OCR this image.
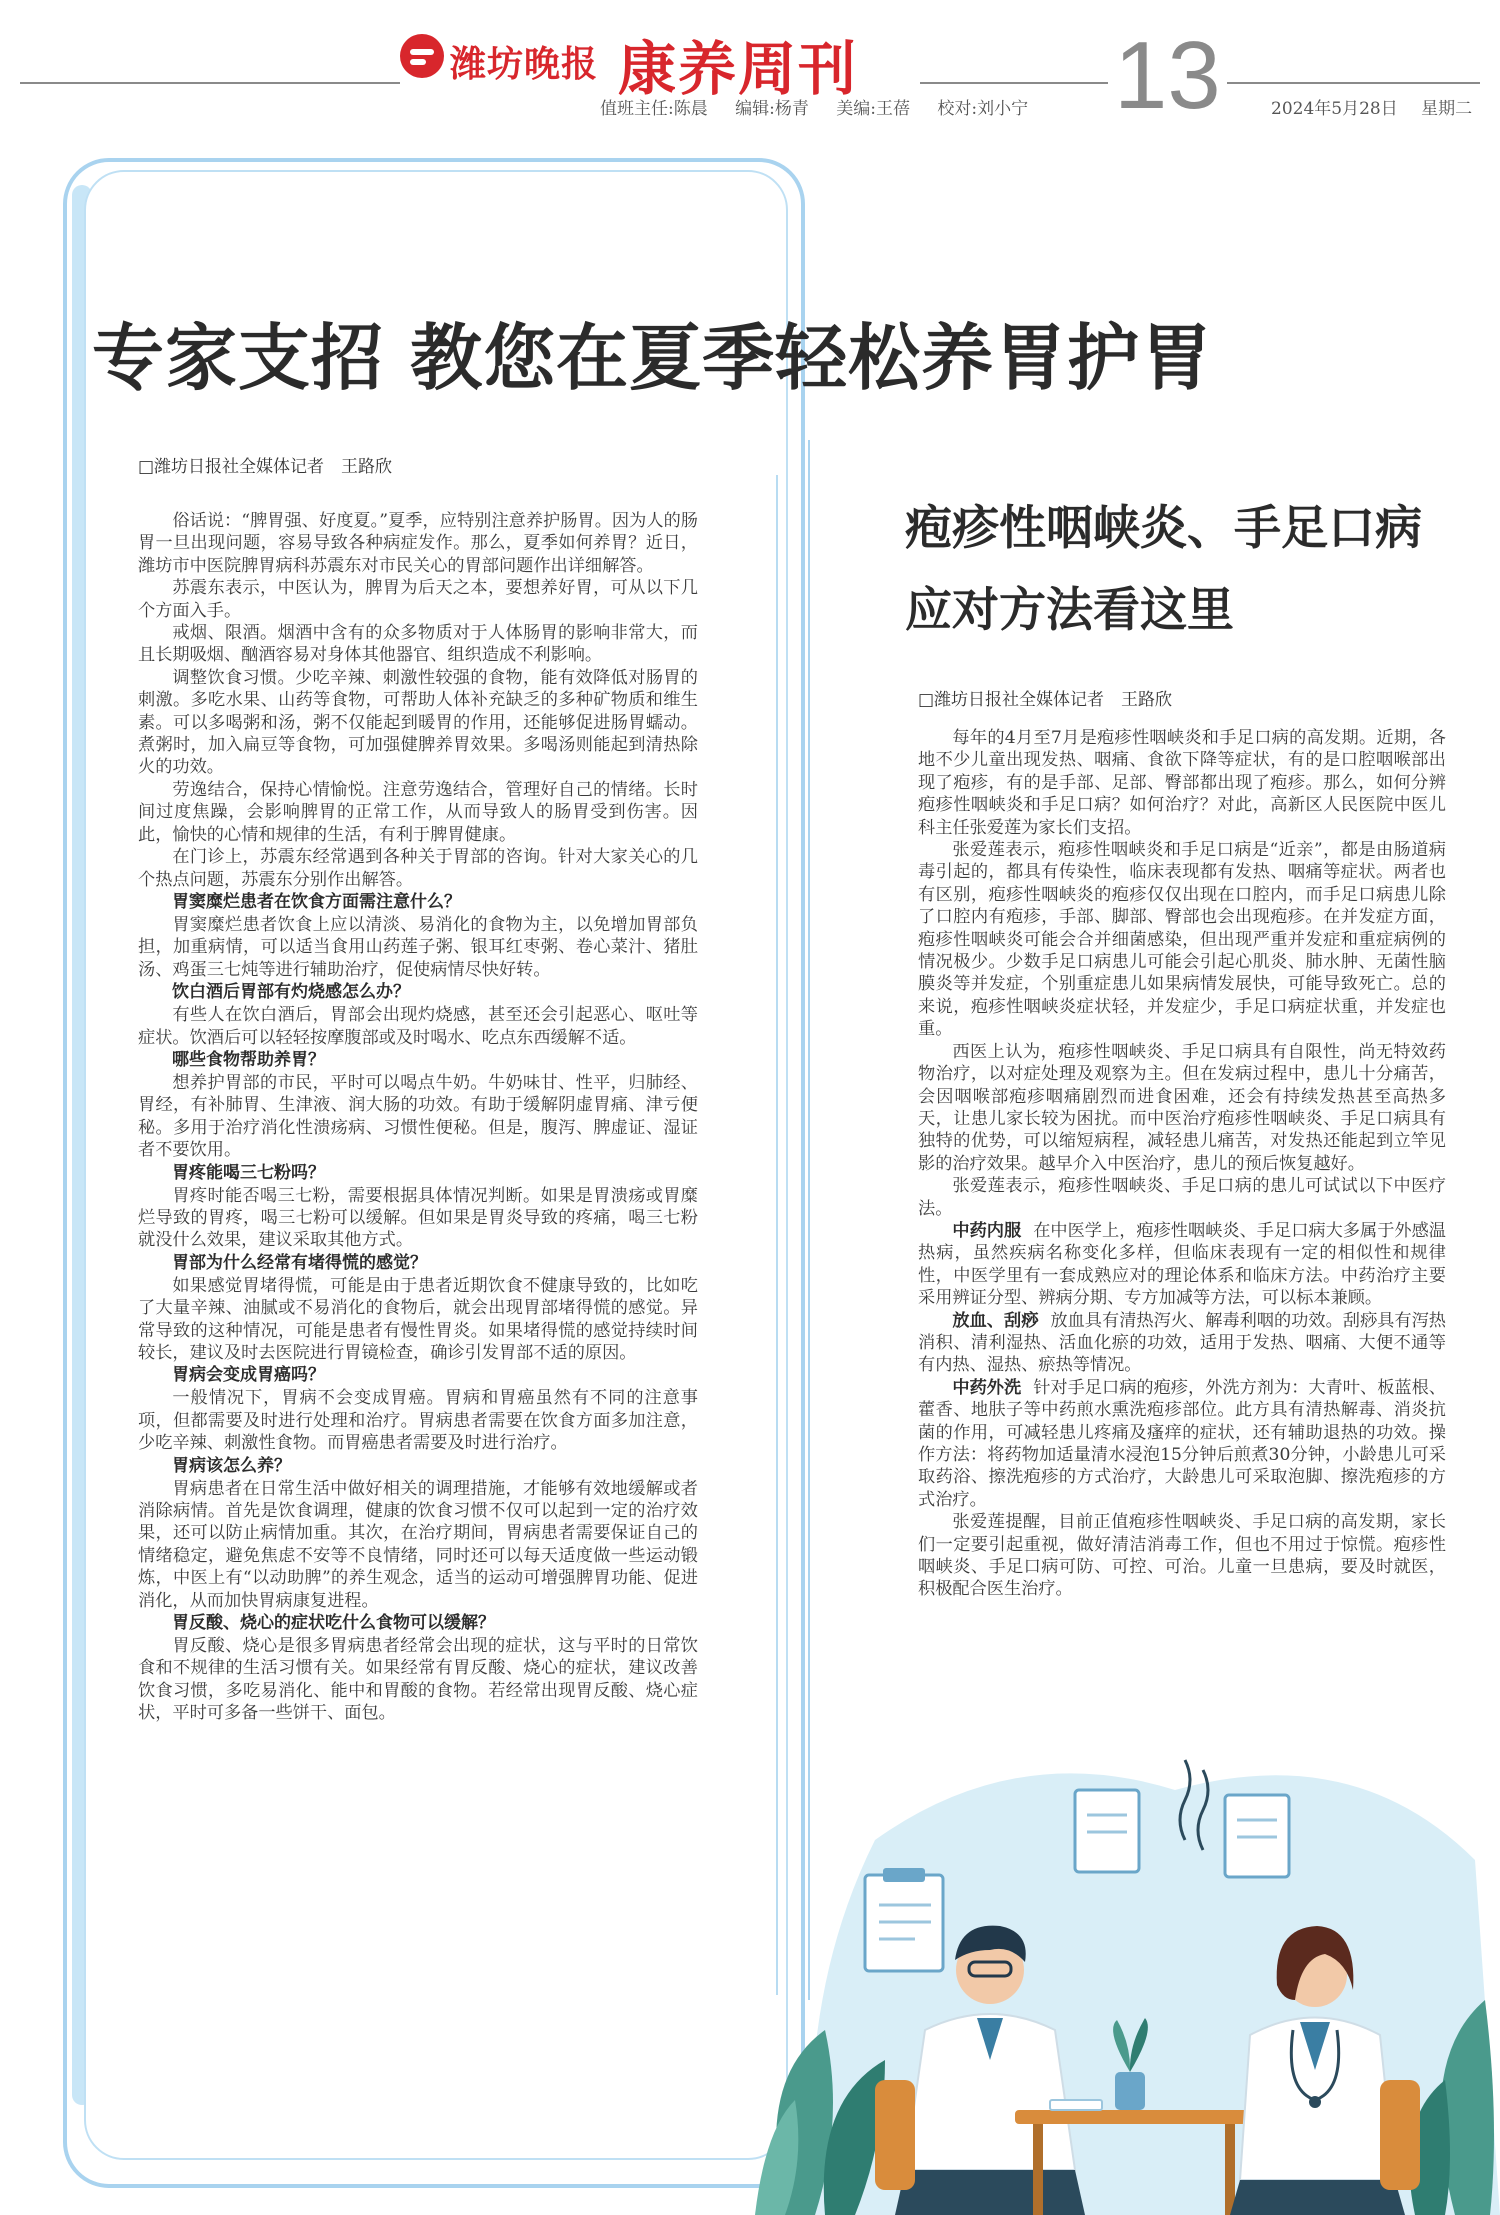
潍坊晚报 康养周刊	13
值班主任:陈晨 编辑:杨青 美编:王蓓 校对:刘小宁	2024年5月28日 星期二
专家支招 教您在夏季轻松养胃护胃
□潍坊日报社全媒体记者　王路欣

俗话说：“脾胃强、好度夏。”夏季，应特别注意养护肠胃。因为人的肠胃一旦出现问题，容易导致各种病症发作。那么，夏季如何养胃？近日，潍坊市中医院脾胃病科苏震东对市民关心的胃部问题作出详细解答。

苏震东表示，中医认为，脾胃为后天之本，要想养好胃，可从以下几个方面入手。

戒烟、限酒。烟酒中含有的众多物质对于人体肠胃的影响非常大，而且长期吸烟、酗酒容易对身体其他器官、组织造成不利影响。

调整饮食习惯。少吃辛辣、刺激性较强的食物，能有效降低对肠胃的刺激。多吃水果、山药等食物，可帮助人体补充缺乏的多种矿物质和维生素。可以多喝粥和汤，粥不仅能起到暖胃的作用，还能够促进肠胃蠕动。煮粥时，加入扁豆等食物，可加强健脾养胃效果。多喝汤则能起到清热除火的功效。

劳逸结合，保持心情愉悦。注意劳逸结合，管理好自己的情绪。长时间过度焦躁，会影响脾胃的正常工作，从而导致人的肠胃受到伤害。因此，愉快的心情和规律的生活，有利于脾胃健康。

在门诊上，苏震东经常遇到各种关于胃部的咨询。针对大家关心的几个热点问题，苏震东分别作出解答。

胃窦糜烂患者在饮食方面需注意什么？

胃窦糜烂患者饮食上应以清淡、易消化的食物为主，以免增加胃部负担，加重病情，可以适当食用山药莲子粥、银耳红枣粥、卷心菜汁、猪肚汤、鸡蛋三七炖等进行辅助治疗，促使病情尽快好转。

饮白酒后胃部有灼烧感怎么办？

有些人在饮白酒后，胃部会出现灼烧感，甚至还会引起恶心、呕吐等症状。饮酒后可以轻轻按摩腹部或及时喝水、吃点东西缓解不适。

哪些食物帮助养胃？

想养护胃部的市民，平时可以喝点牛奶。牛奶味甘、性平，归肺经、胃经，有补肺胃、生津液、润大肠的功效。有助于缓解阴虚胃痛、津亏便秘。多用于治疗消化性溃疡病、习惯性便秘。但是，腹泻、脾虚证、湿证者不要饮用。

胃疼能喝三七粉吗？

胃疼时能否喝三七粉，需要根据具体情况判断。如果是胃溃疡或胃糜烂导致的胃疼，喝三七粉可以缓解。但如果是胃炎导致的疼痛，喝三七粉就没什么效果，建议采取其他方式。

胃部为什么经常有堵得慌的感觉？

如果感觉胃堵得慌，可能是由于患者近期饮食不健康导致的，比如吃了大量辛辣、油腻或不易消化的食物后，就会出现胃部堵得慌的感觉。异常导致的这种情况，可能是患者有慢性胃炎。如果堵得慌的感觉持续时间较长，建议及时去医院进行胃镜检查，确诊引发胃部不适的原因。

胃病会变成胃癌吗？

一般情况下，胃病不会变成胃癌。胃病和胃癌虽然有不同的注意事项，但都需要及时进行处理和治疗。胃病患者需要在饮食方面多加注意，少吃辛辣、刺激性食物。而胃癌患者需要及时进行治疗。

胃病该怎么养？

胃病患者在日常生活中做好相关的调理措施，才能够有效地缓解或者消除病情。首先是饮食调理，健康的饮食习惯不仅可以起到一定的治疗效果，还可以防止病情加重。其次，在治疗期间，胃病患者需要保证自己的情绪稳定，避免焦虑不安等不良情绪，同时还可以每天适度做一些运动锻炼，中医上有“以动助脾”的养生观念，适当的运动可增强脾胃功能、促进消化，从而加快胃病康复进程。

胃反酸、烧心的症状吃什么食物可以缓解？

胃反酸、烧心是很多胃病患者经常会出现的症状，这与平时的日常饮食和不规律的生活习惯有关。如果经常有胃反酸、烧心的症状，建议改善饮食习惯，多吃易消化、能中和胃酸的食物。若经常出现胃反酸、烧心症状，平时可多备一些饼干、面包。

疱疹性咽峡炎、手足口病
应对方法看这里
□潍坊日报社全媒体记者　王路欣

每年的4月至7月是疱疹性咽峡炎和手足口病的高发期。近期，各地不少儿童出现发热、咽痛、食欲下降等症状，有的是口腔咽喉部出现了疱疹，有的是手部、足部、臀部都出现了疱疹。那么，如何分辨疱疹性咽峡炎和手足口病？如何治疗？对此，高新区人民医院中医儿科主任张爱莲为家长们支招。

张爱莲表示，疱疹性咽峡炎和手足口病是“近亲”，都是由肠道病毒引起的，都具有传染性，临床表现都有发热、咽痛等症状。两者也有区别，疱疹性咽峡炎的疱疹仅仅出现在口腔内，而手足口病患儿除了口腔内有疱疹，手部、脚部、臀部也会出现疱疹。在并发症方面，疱疹性咽峡炎可能会合并细菌感染，但出现严重并发症和重症病例的情况极少。少数手足口病患儿可能会引起心肌炎、肺水肿、无菌性脑膜炎等并发症，个别重症患儿如果病情发展快，可能导致死亡。总的来说，疱疹性咽峡炎症状轻，并发症少，手足口病症状重，并发症也重。

西医上认为，疱疹性咽峡炎、手足口病具有自限性，尚无特效药物治疗，以对症处理及观察为主。但在发病过程中，患儿十分痛苦，会因咽喉部疱疹咽痛剧烈而进食困难，还会有持续发热甚至高热多天，让患儿家长较为困扰。而中医治疗疱疹性咽峡炎、手足口病具有独特的优势，可以缩短病程，减轻患儿痛苦，对发热还能起到立竿见影的治疗效果。越早介入中医治疗，患儿的预后恢复越好。

张爱莲表示，疱疹性咽峡炎、手足口病的患儿可试试以下中医疗法。

中药内服 在中医学上，疱疹性咽峡炎、手足口病大多属于外感温热病，虽然疾病名称变化多样，但临床表现有一定的相似性和规律性，中医学里有一套成熟应对的理论体系和临床方法。中药治疗主要采用辨证分型、辨病分期、专方加减等方法，可以标本兼顾。

放血、刮痧 放血具有清热泻火、解毒利咽的功效。刮痧具有泻热消积、清利湿热、活血化瘀的功效，适用于发热、咽痛、大便不通等有内热、湿热、瘀热等情况。

中药外洗 针对手足口病的疱疹，外洗方剂为：大青叶、板蓝根、藿香、地肤子等中药煎水熏洗疱疹部位。此方具有清热解毒、消炎抗菌的作用，可减轻患儿疼痛及瘙痒的症状，还有辅助退热的功效。操作方法：将药物加适量清水浸泡15分钟后煎煮30分钟，小龄患儿可采取药浴、擦洗疱疹的方式治疗，大龄患儿可采取泡脚、擦洗疱疹的方式治疗。

张爱莲提醒，目前正值疱疹性咽峡炎、手足口病的高发期，家长们一定要引起重视，做好清洁消毒工作，但也不用过于惊慌。疱疹性咽峡炎、手足口病可防、可控、可治。儿童一旦患病，要及时就医，积极配合医生治疗。
